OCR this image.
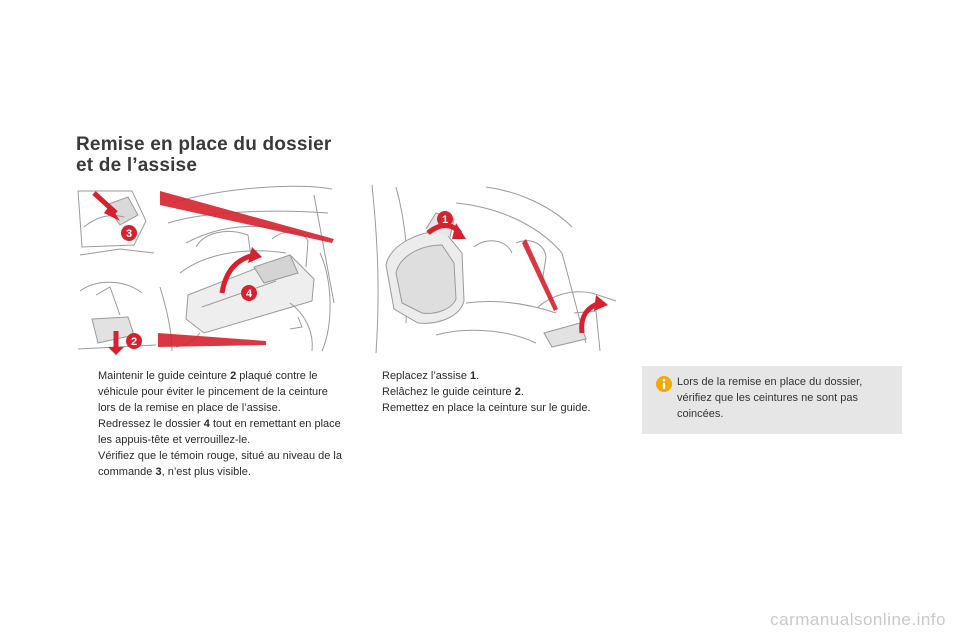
Remise en place du dossier
et de l’assise
3
4
2
1
Maintenir le guide ceinture 2 plaqué contre le véhicule pour éviter le pincement de la ceinture lors de la remise en place de l’assise.
Redressez le dossier 4 tout en remettant en place les appuis-tête et verrouillez-le.
Vérifiez que le témoin rouge, situé au niveau de la commande 3, n’est plus visible.
Replacez l’assise 1.
Relâchez le guide ceinture 2.
Remettez en place la ceinture sur le guide.
Lors de la remise en place du dossier, vérifiez que les ceintures ne sont pas coincées.
carmanualsonline.info
